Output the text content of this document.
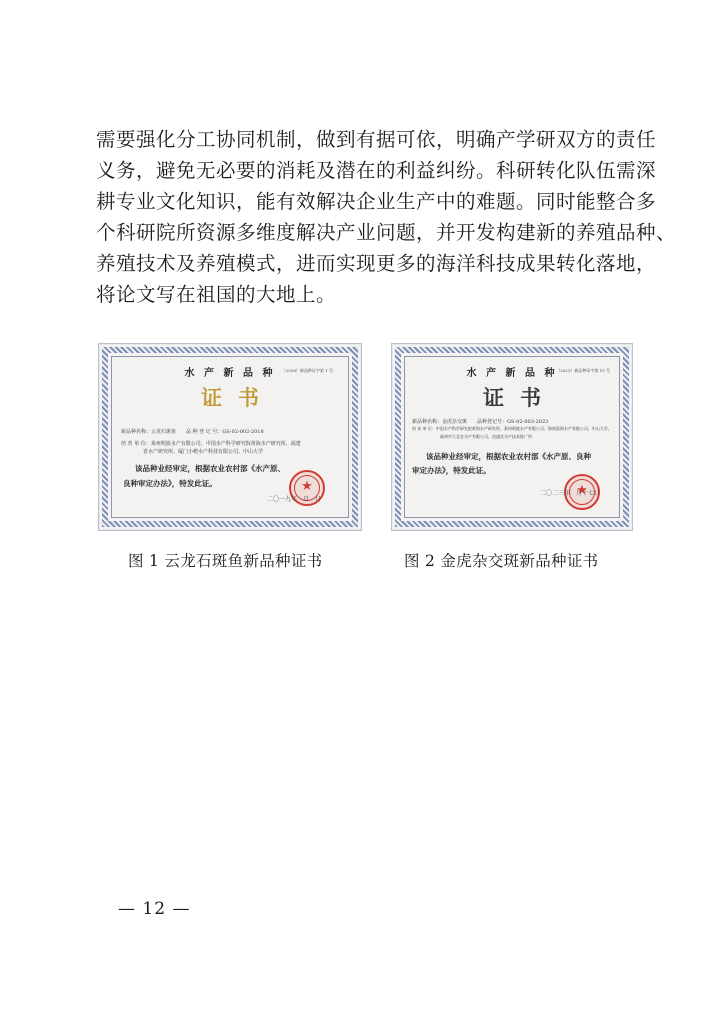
需要强化分工协同机制，做到有据可依，明确产学研双方的责任
义务，避免无必要的消耗及潜在的利益纠纷。科研转化队伍需深
耕专业文化知识，能有效解决企业生产中的难题。同时能整合多
个科研院所资源多维度解决产业问题，并开发构建新的养殖品种、
养殖技术及养殖模式，进而实现更多的海洋科技成果转化落地，
将论文写在祖国的大地上。
水 产 新 品 种	（2018）新品种证字第 1 号
证书
新品种名称：云龙石斑鱼　　品 种 登 记 号：GS-02-002-2018
培 育 单 位：莱州明波水产有限公司、中国水产科学研究院黄海水产研究所、福建
省水产研究所、厦门小嶝水产科技有限公司、中山大学
该品种业经审定，根据农业农村部《水产原、
良种审定办法》，特发此证。
★
二〇一九年　月　日
图 1 云龙石斑鱼新品种证书
水 产 新 品 种
（2023）新品种证字第 15 号
证书
新品种名称：金虎杂交斑　　品种登记号：GS-02-003-2023
培 育 单 位：中国水产科学研究院黄海水产研究所、莱州明波水产有限公司、海南晨海水产有限公司、中山大学、
　　　　　　　福州市大北农水产有限公司、昌盛沈水产技术推广所
该品种业经审定，根据农业农村部《水产原、良种
审定办法》，特发此证。
★
二〇二三年　月十七日
图 2 金虎杂交斑新品种证书
— 12 —
